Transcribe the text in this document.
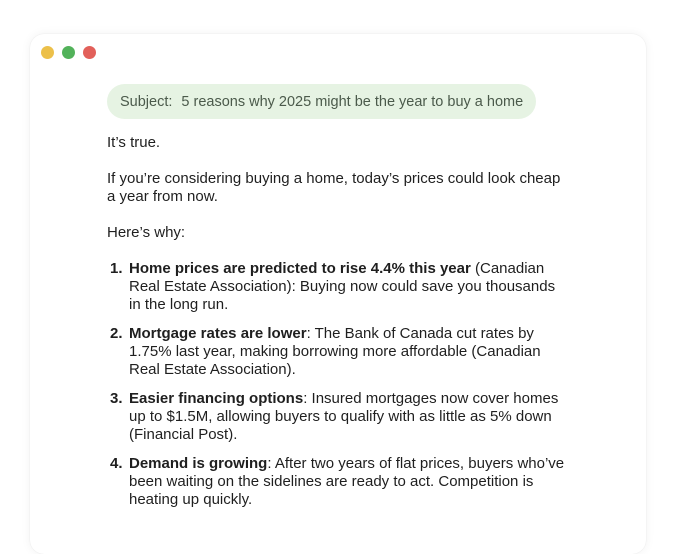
Subject: 5 reasons why 2025 might be the year to buy a home

It’s true.

If you’re considering buying a home, today’s prices could look cheap a year from now.

Here’s why:

1. Home prices are predicted to rise 4.4% this year (Canadian Real Estate Association): Buying now could save you thousands in the long run.
2. Mortgage rates are lower: The Bank of Canada cut rates by 1.75% last year, making borrowing more affordable (Canadian Real Estate Association).
3. Easier financing options: Insured mortgages now cover homes up to $1.5M, allowing buyers to qualify with as little as 5% down (Financial Post).
4. Demand is growing: After two years of flat prices, buyers who’ve been waiting on the sidelines are ready to act. Competition is heating up quickly.
